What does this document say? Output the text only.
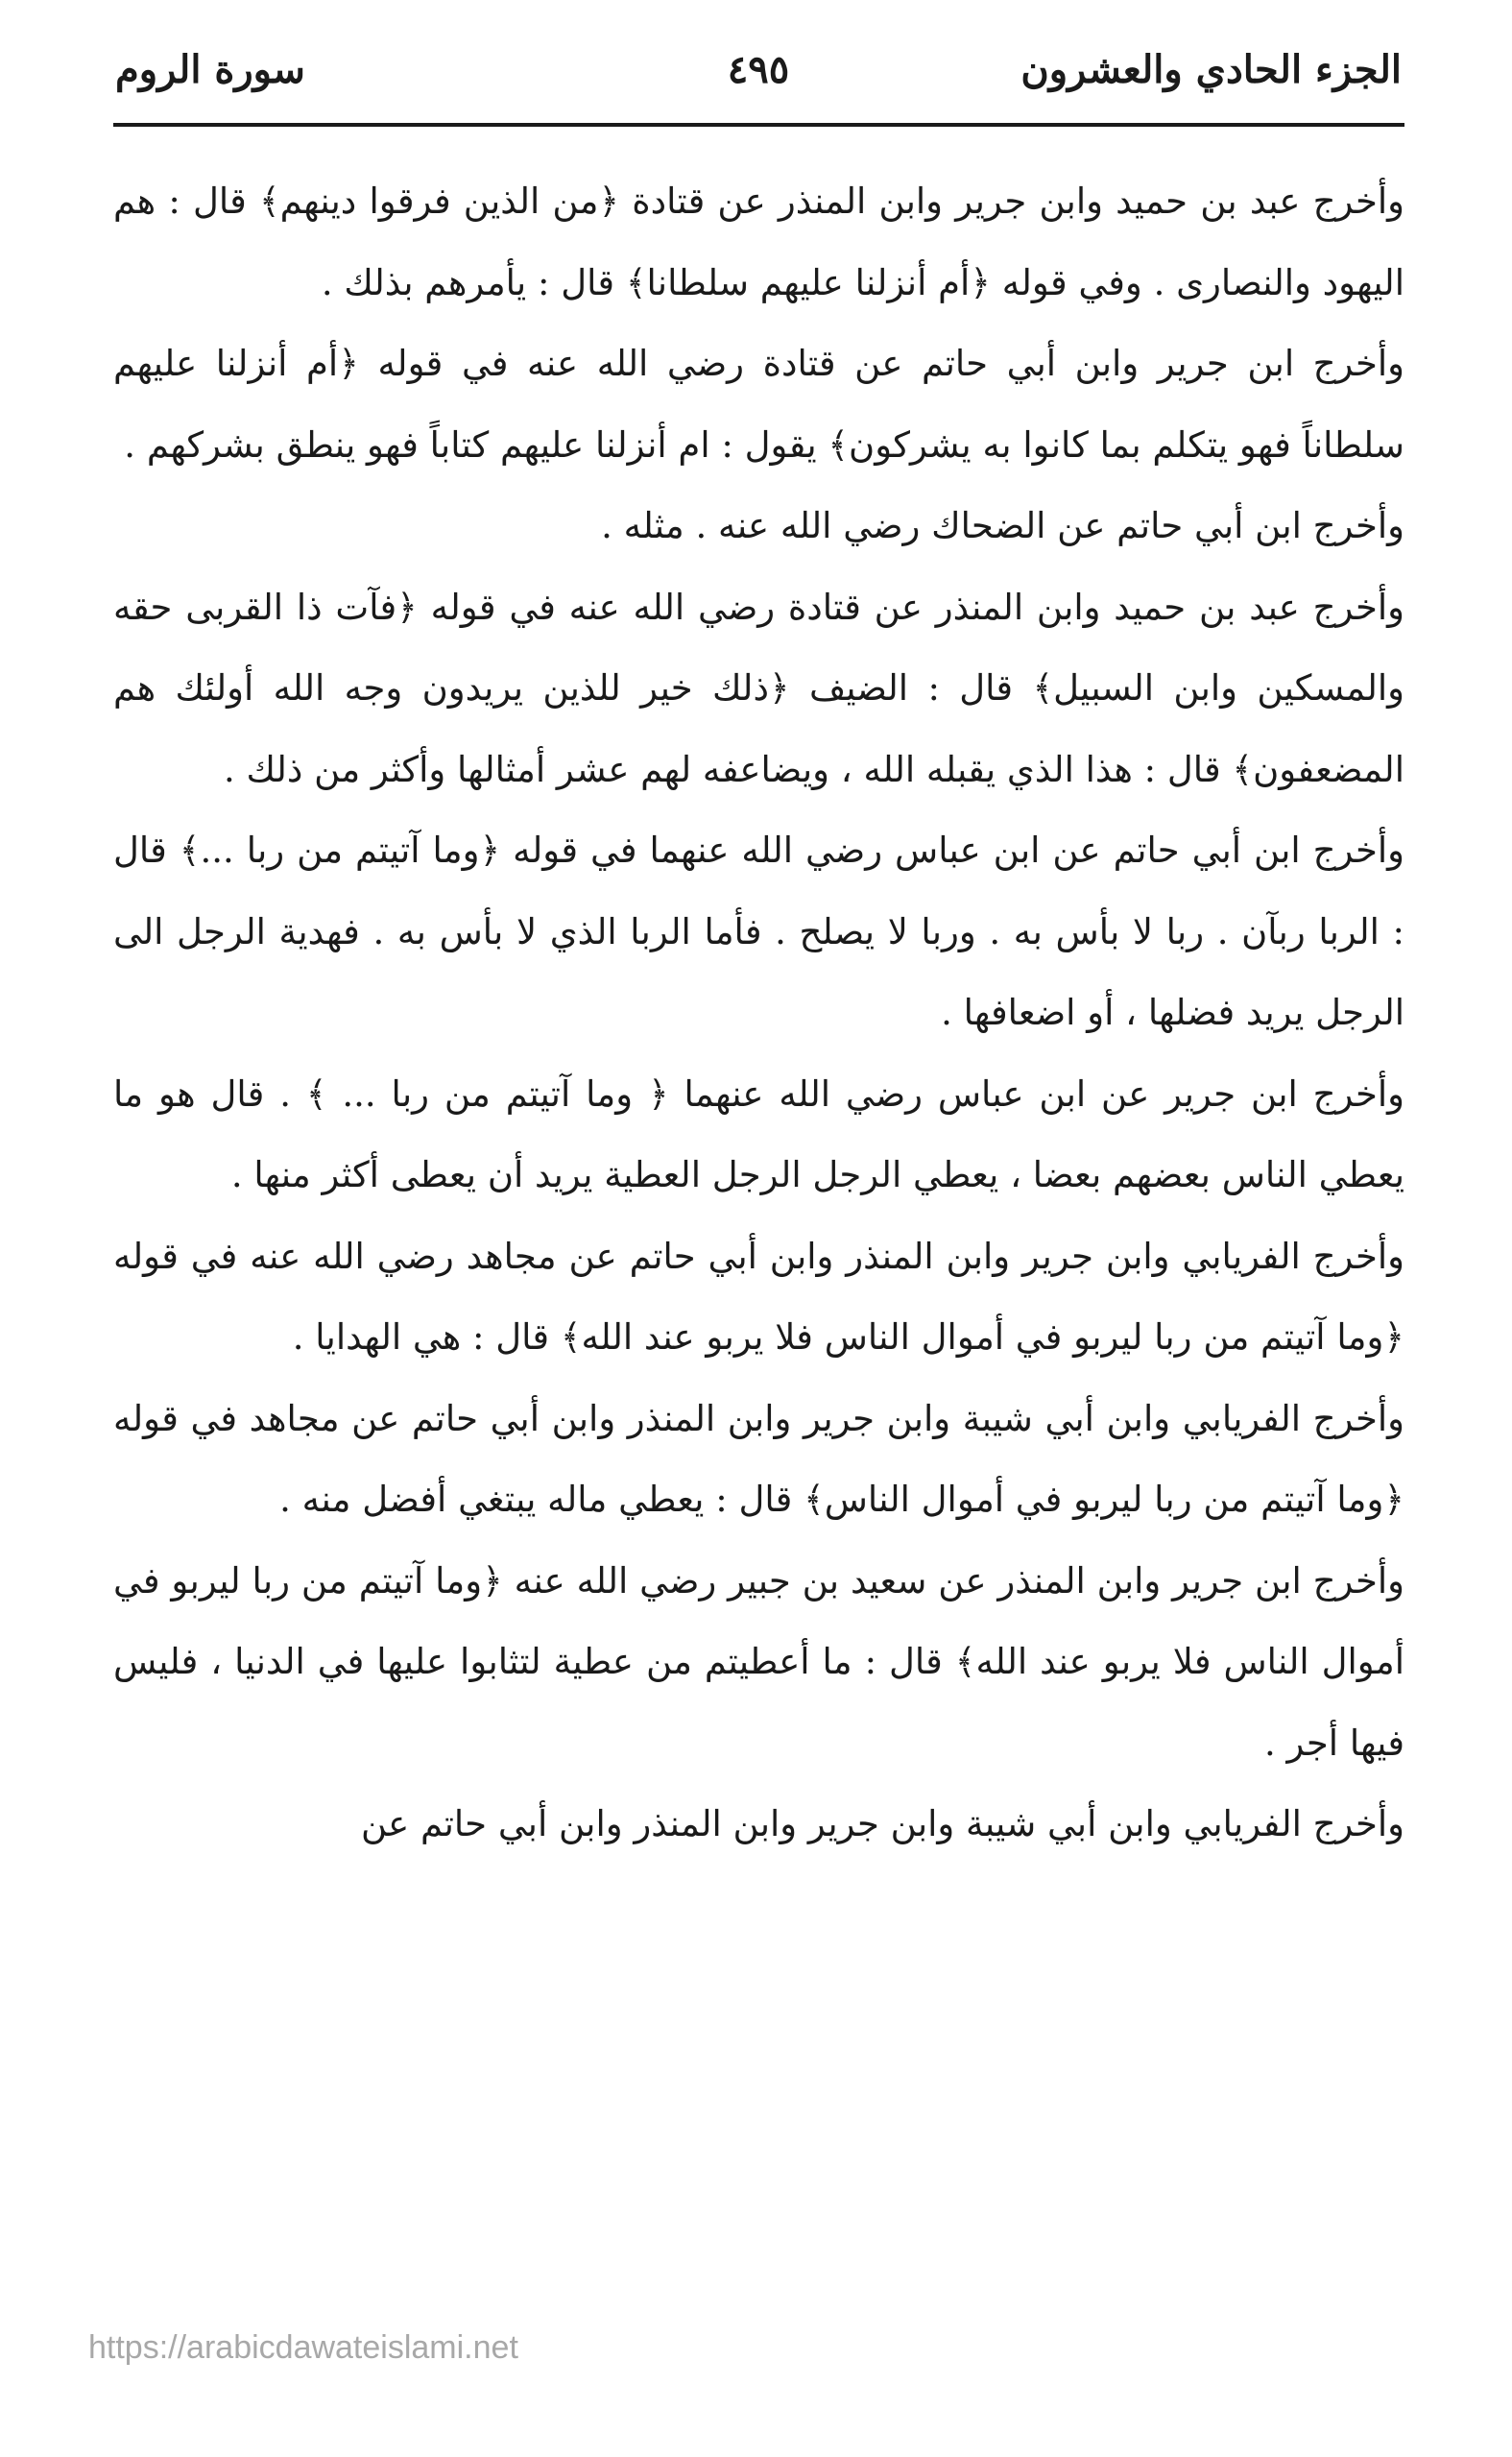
الجزء الحادي والعشرون
٤٩٥
سورة الروم

وأخرج عبد بن حميد وابن جرير وابن المنذر عن قتادة ﴿من الذين فرقوا دينهم﴾ قال : هم اليهود والنصارى . وفي قوله ﴿أم أنزلنا عليهم سلطانا﴾ قال : يأمرهم بذلك .

وأخرج ابن جرير وابن أبي حاتم عن قتادة رضي الله عنه في قوله ﴿أم أنزلنا عليهم سلطاناً فهو يتكلم بما كانوا به يشركون﴾ يقول : ام أنزلنا عليهم كتاباً فهو ينطق بشركهم .

وأخرج ابن أبي حاتم عن الضحاك رضي الله عنه . مثله .

وأخرج عبد بن حميد وابن المنذر عن قتادة رضي الله عنه في قوله ﴿فآت ذا القربى حقه والمسكين وابن السبيل﴾ قال : الضيف ﴿ذلك خير للذين يريدون وجه الله أولئك هم المضعفون﴾ قال : هذا الذي يقبله الله ، ويضاعفه لهم عشر أمثالها وأكثر من ذلك .

وأخرج ابن أبي حاتم عن ابن عباس رضي الله عنهما في قوله ﴿وما آتيتم من ربا ...﴾ قال : الربا ربآن . ربا لا بأس به . وربا لا يصلح . فأما الربا الذي لا بأس به . فهدية الرجل الى الرجل يريد فضلها ، أو اضعافها .

وأخرج ابن جرير عن ابن عباس رضي الله عنهما ﴿ وما آتيتم من ربا ... ﴾ . قال هو ما يعطي الناس بعضهم بعضا ، يعطي الرجل الرجل العطية يريد أن يعطى أكثر منها .

وأخرج الفريابي وابن جرير وابن المنذر وابن أبي حاتم عن مجاهد رضي الله عنه في قوله ﴿وما آتيتم من ربا ليربو في أموال الناس فلا يربو عند الله﴾ قال : هي الهدايا .

وأخرج الفريابي وابن أبي شيبة وابن جرير وابن المنذر وابن أبي حاتم عن مجاهد في قوله ﴿وما آتيتم من ربا ليربو في أموال الناس﴾ قال : يعطي ماله يبتغي أفضل منه .

وأخرج ابن جرير وابن المنذر عن سعيد بن جبير رضي الله عنه ﴿وما آتيتم من ربا ليربو في أموال الناس فلا يربو عند الله﴾ قال : ما أعطيتم من عطية لتثابوا عليها في الدنيا ، فليس فيها أجر .

وأخرج الفريابي وابن أبي شيبة وابن جرير وابن المنذر وابن أبي حاتم عن

https://arabicdawateislami.net
